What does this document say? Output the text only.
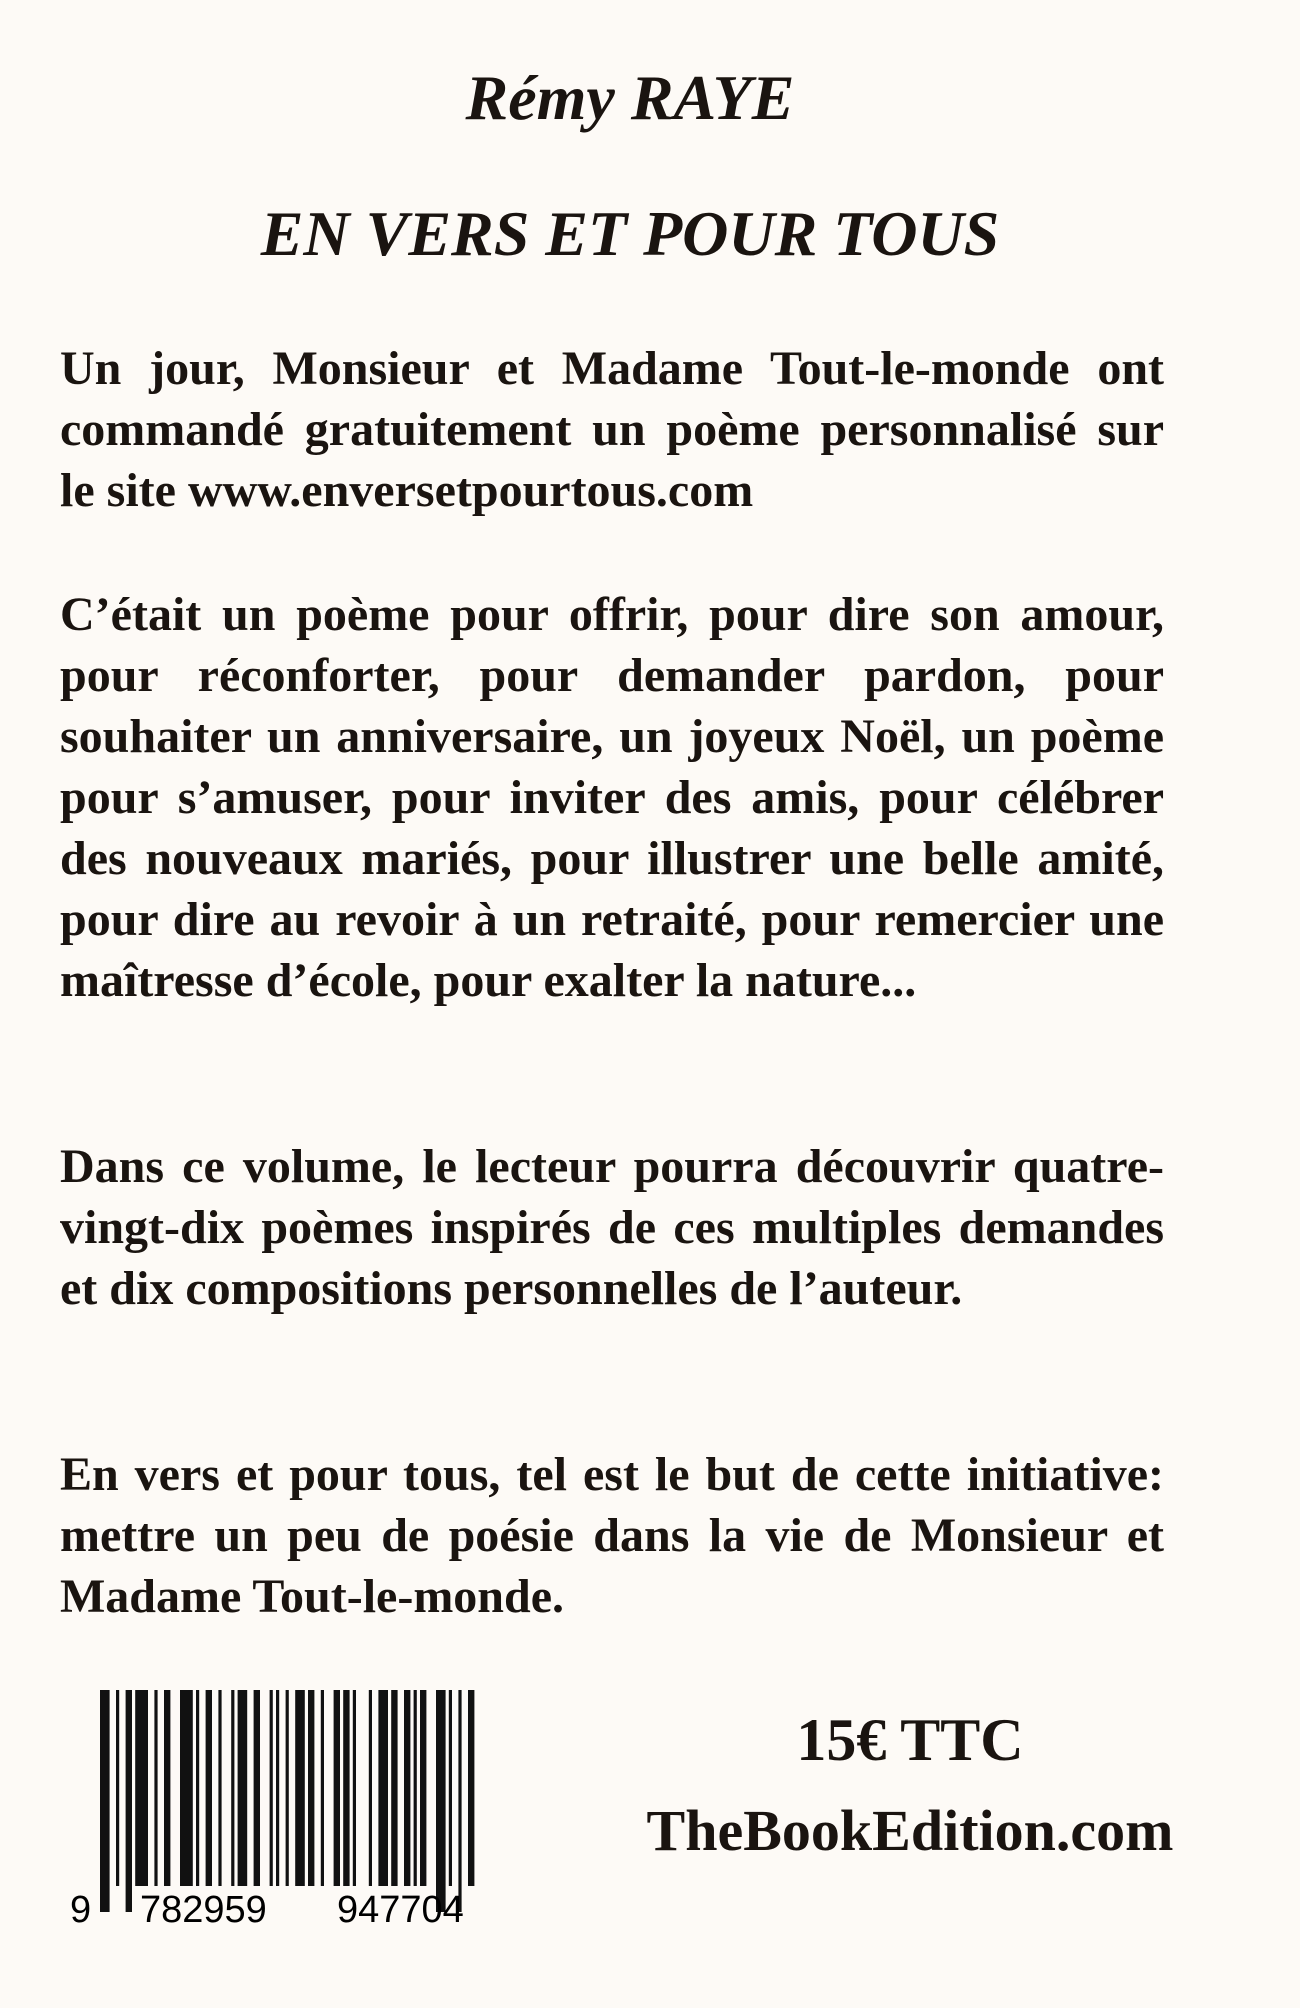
Rémy RAYE

EN VERS ET POUR TOUS

Un jour, Monsieur et Madame Tout-le-monde ont commandé gratuitement un poème personnalisé sur le site www.enversetpourtous.com

C’était un poème pour offrir, pour dire son amour, pour réconforter, pour demander pardon, pour souhaiter un anniversaire, un joyeux Noël, un poème pour s’amuser, pour inviter des amis, pour célébrer des nouveaux mariés, pour illustrer une belle amité, pour dire au revoir à un retraité, pour remercier une maîtresse d’école, pour exalter la nature...

Dans ce volume, le lecteur pourra découvrir quatre-vingt-dix poèmes inspirés de ces multiples demandes et dix compositions personnelles de l’auteur.

En vers et pour tous, tel est le but de cette initiative: mettre un peu de poésie dans la vie de Monsieur et Madame Tout-le-monde.

9 782959 947704
15€ TTC
TheBookEdition.com
